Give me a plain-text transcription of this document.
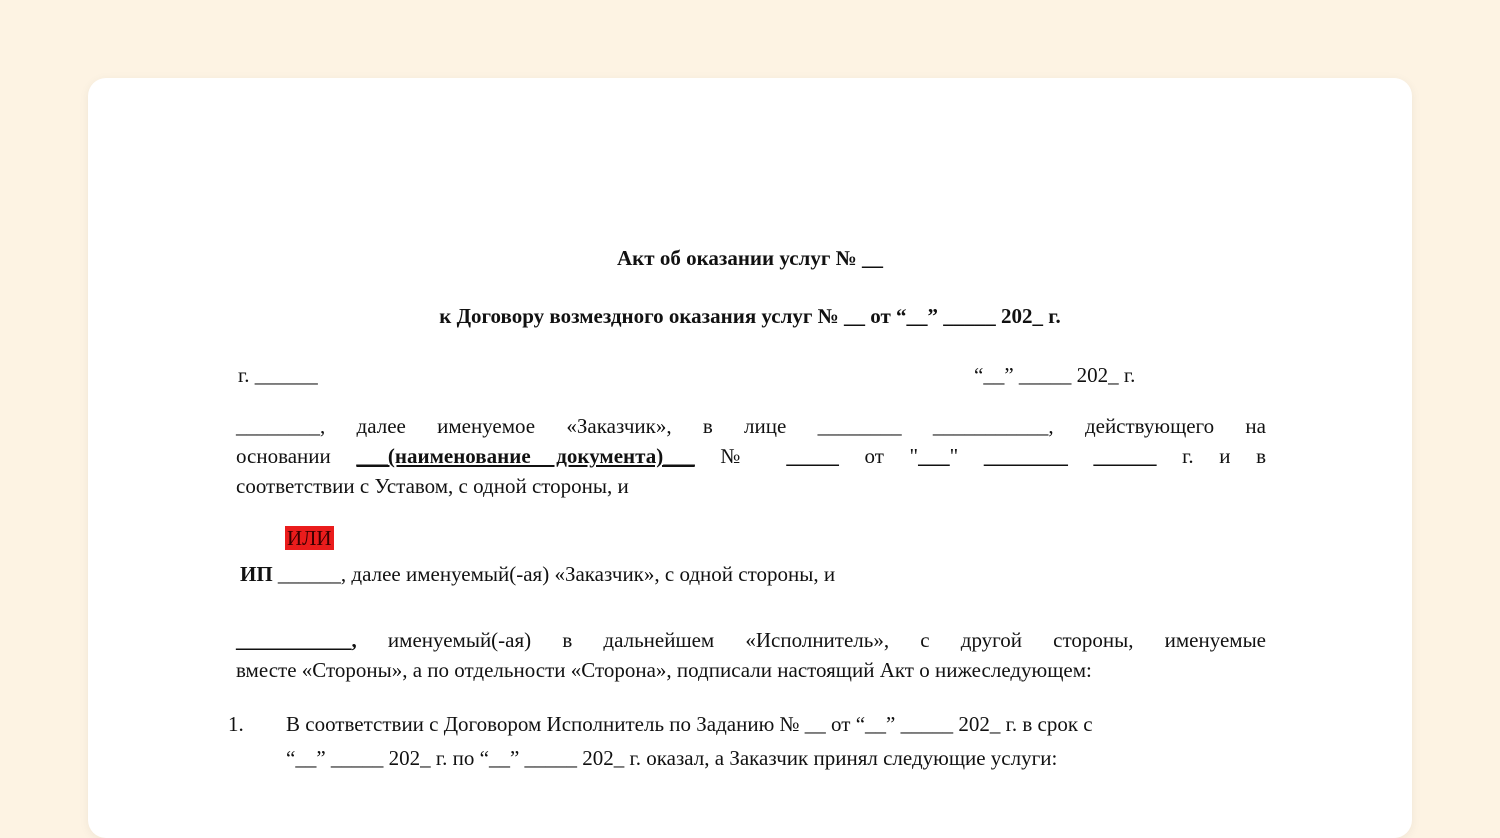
Акт об оказании услуг № __
к Договору возмездного оказания услуг № __ от “__” _____ 202_ г.
г. ______	“__” _____ 202_ г.
________, далее именуемое «Заказчик», в лице ________ ___________, действующего на
основании ___(наименование документа)___ № _____ от "___" ________ ______ г. и в
соответствии с Уставом, с одной стороны, и
ИЛИ
ИП ______, далее именуемый(-ая) «Заказчик», с одной стороны, и
___________, именуемый(-ая) в дальнейшем «Исполнитель», с другой стороны, именуемые
вместе «Стороны», а по отдельности «Сторона», подписали настоящий Акт о нижеследующем:
1. В соответствии с Договором Исполнитель по Заданию № __ от “__” _____ 202_ г. в срок с
“__” _____ 202_ г. по “__” _____ 202_ г. оказал, а Заказчик принял следующие услуги:
